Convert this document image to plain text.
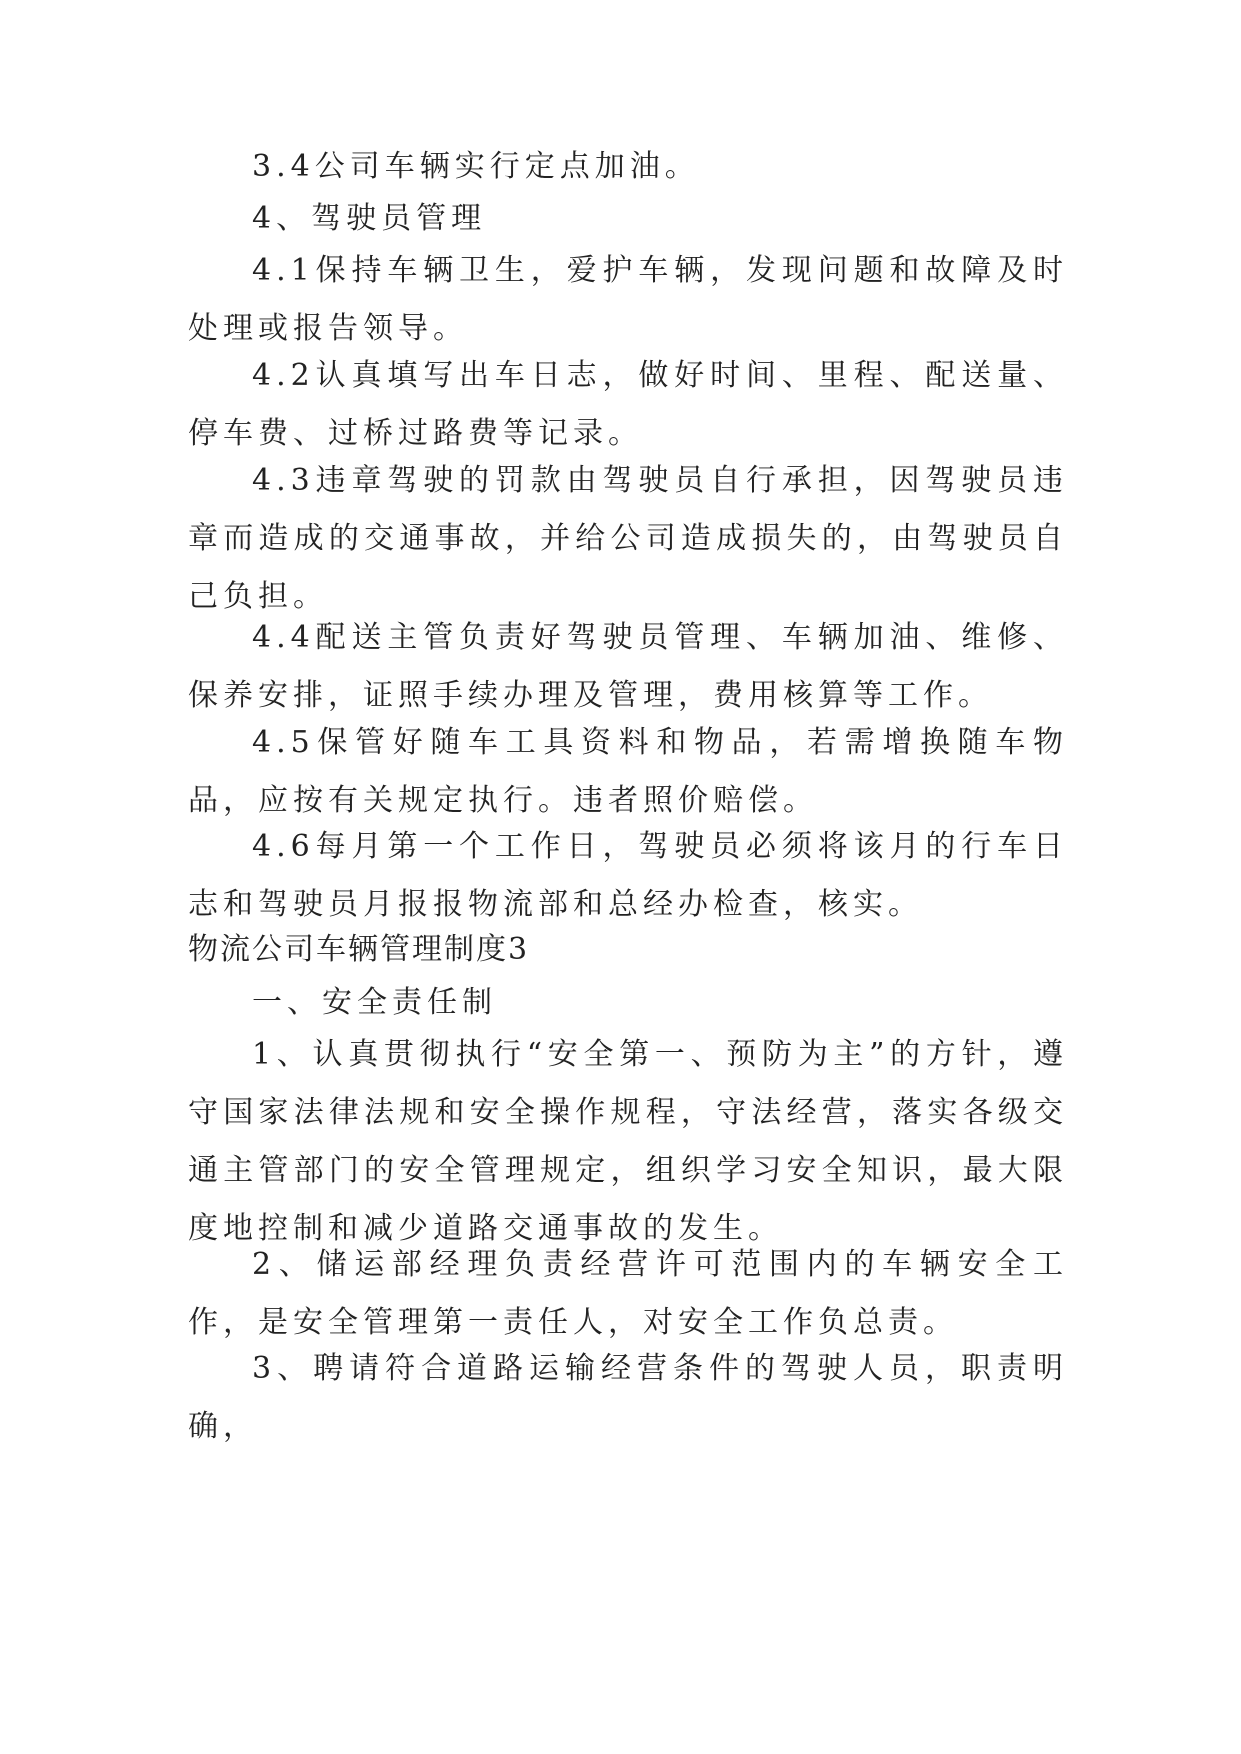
3.4公司车辆实行定点加油。

4、驾驶员管理

4.1保持车辆卫生，爱护车辆，发现问题和故障及时处理或报告领导。

4.2认真填写出车日志，做好时间、里程、配送量、停车费、过桥过路费等记录。

4.3违章驾驶的罚款由驾驶员自行承担，因驾驶员违章而造成的交通事故，并给公司造成损失的，由驾驶员自己负担。

4.4配送主管负责好驾驶员管理、车辆加油、维修、保养安排，证照手续办理及管理，费用核算等工作。

4.5保管好随车工具资料和物品，若需增换随车物品，应按有关规定执行。违者照价赔偿。

4.6每月第一个工作日，驾驶员必须将该月的行车日志和驾驶员月报报物流部和总经办检查，核实。

物流公司车辆管理制度3

一、安全责任制

1、认真贯彻执行“安全第一、预防为主”的方针，遵守国家法律法规和安全操作规程，守法经营，落实各级交通主管部门的安全管理规定，组织学习安全知识，最大限度地控制和减少道路交通事故的发生。

2、储运部经理负责经营许可范围内的车辆安全工作，是安全管理第一责任人，对安全工作负总责。

3、聘请符合道路运输经营条件的驾驶人员，职责明确，
